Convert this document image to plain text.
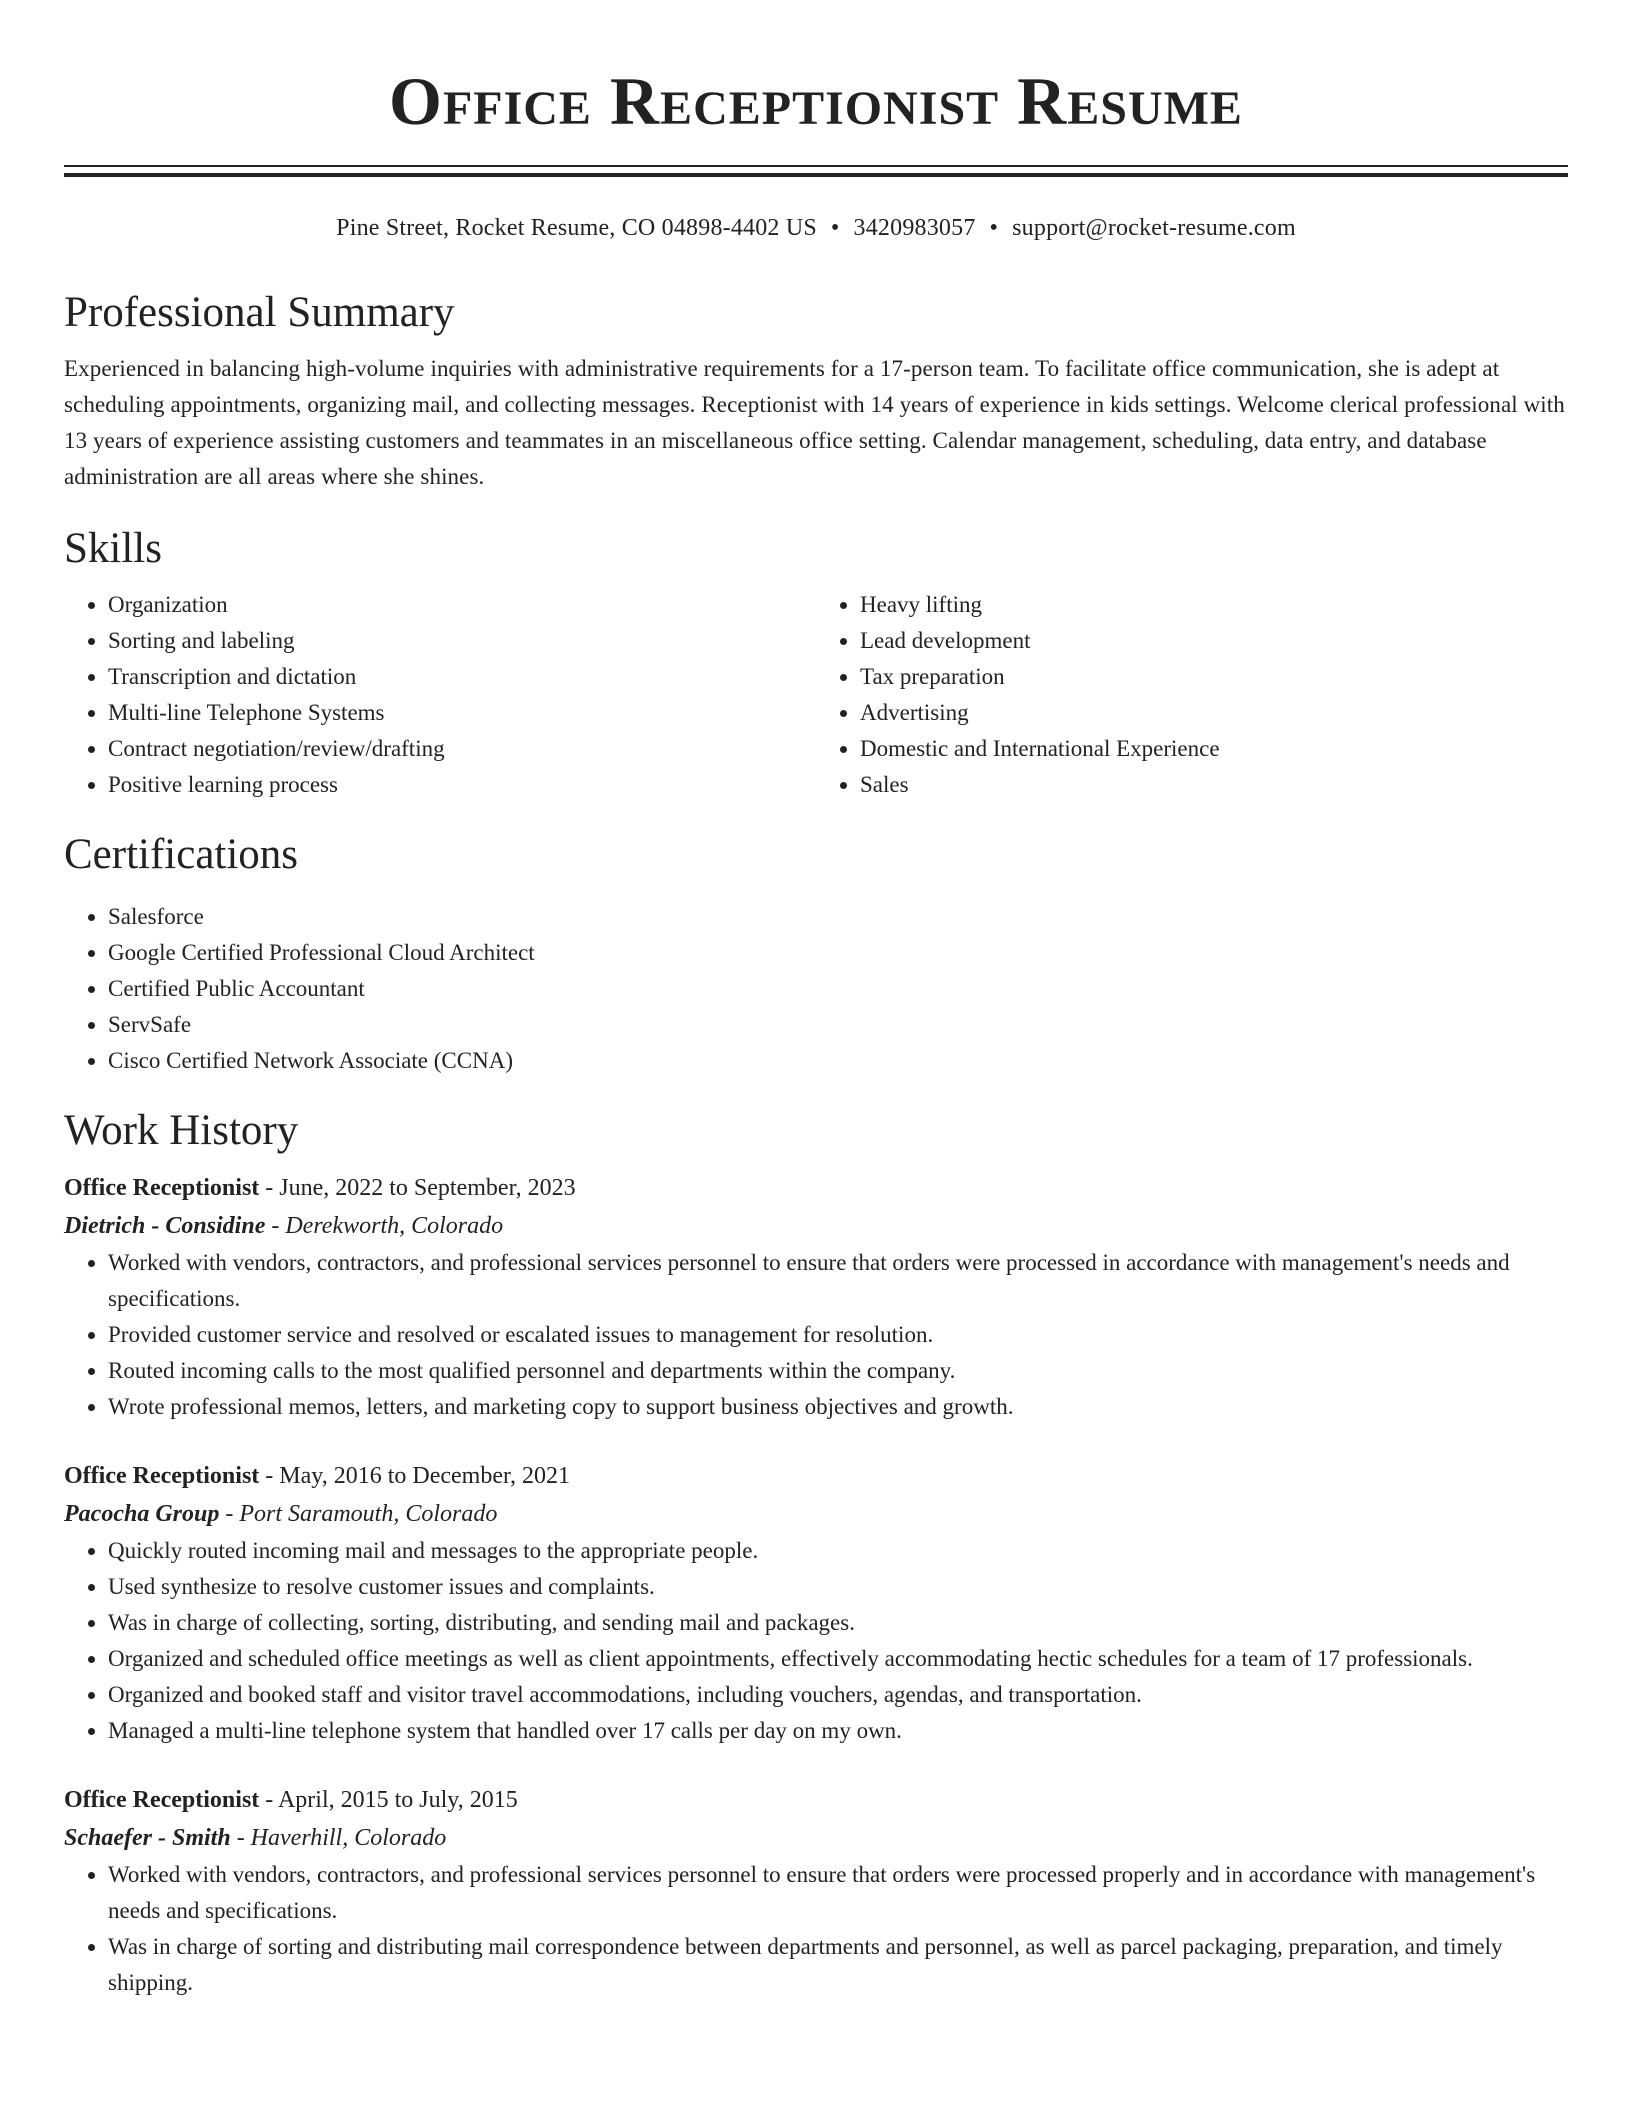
Office Receptionist Resume
Pine Street, Rocket Resume, CO 04898-4402 US • 3420983057 • support@rocket-resume.com
Professional Summary
Experienced in balancing high-volume inquiries with administrative requirements for a 17-person team. To facilitate office communication, she is adept at scheduling appointments, organizing mail, and collecting messages. Receptionist with 14 years of experience in kids settings. Welcome clerical professional with 13 years of experience assisting customers and teammates in an miscellaneous office setting. Calendar management, scheduling, data entry, and database administration are all areas where she shines.
Skills
• Organization
• Sorting and labeling
• Transcription and dictation
• Multi-line Telephone Systems
• Contract negotiation/review/drafting
• Positive learning process
• Heavy lifting
• Lead development
• Tax preparation
• Advertising
• Domestic and International Experience
• Sales
Certifications
• Salesforce
• Google Certified Professional Cloud Architect
• Certified Public Accountant
• ServSafe
• Cisco Certified Network Associate (CCNA)
Work History
Office Receptionist - June, 2022 to September, 2023
Dietrich - Considine - Derekworth, Colorado
• Worked with vendors, contractors, and professional services personnel to ensure that orders were processed in accordance with management's needs and specifications.
• Provided customer service and resolved or escalated issues to management for resolution.
• Routed incoming calls to the most qualified personnel and departments within the company.
• Wrote professional memos, letters, and marketing copy to support business objectives and growth.
Office Receptionist - May, 2016 to December, 2021
Pacocha Group - Port Saramouth, Colorado
• Quickly routed incoming mail and messages to the appropriate people.
• Used synthesize to resolve customer issues and complaints.
• Was in charge of collecting, sorting, distributing, and sending mail and packages.
• Organized and scheduled office meetings as well as client appointments, effectively accommodating hectic schedules for a team of 17 professionals.
• Organized and booked staff and visitor travel accommodations, including vouchers, agendas, and transportation.
• Managed a multi-line telephone system that handled over 17 calls per day on my own.
Office Receptionist - April, 2015 to July, 2015
Schaefer - Smith - Haverhill, Colorado
• Worked with vendors, contractors, and professional services personnel to ensure that orders were processed properly and in accordance with management's needs and specifications.
• Was in charge of sorting and distributing mail correspondence between departments and personnel, as well as parcel packaging, preparation, and timely shipping.
